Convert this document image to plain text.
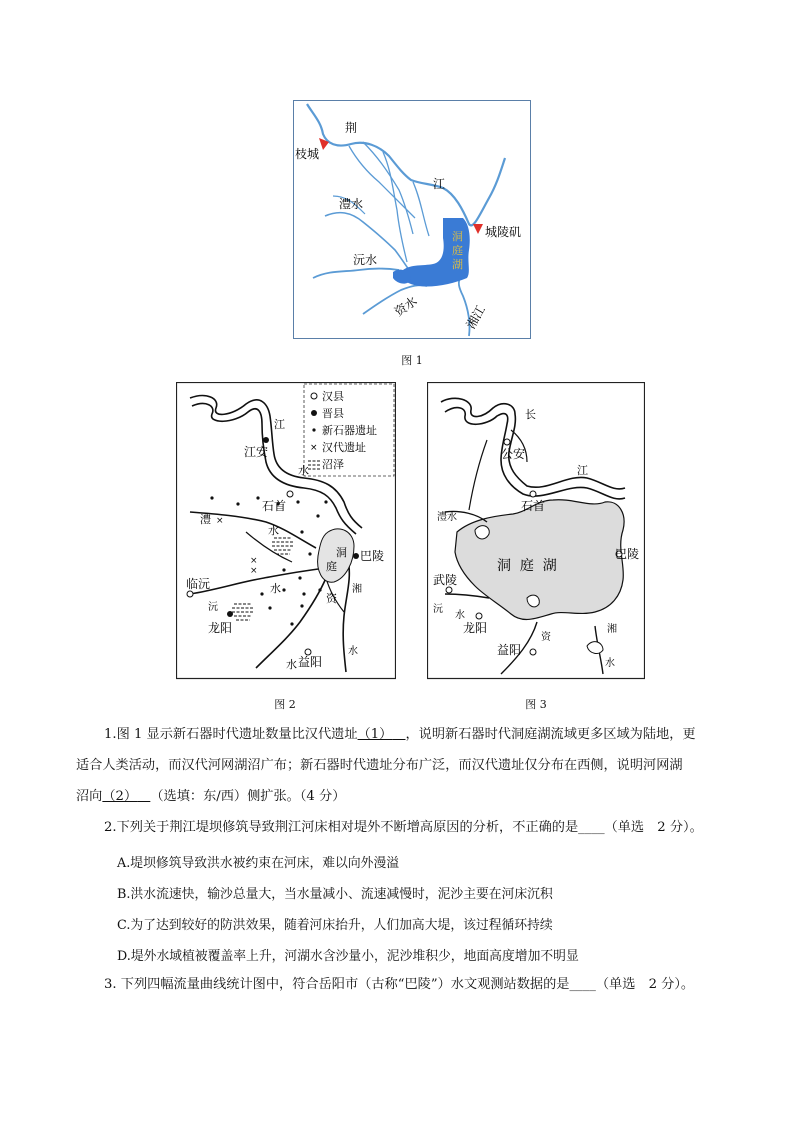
荆
枝城
江
澧水
城陵矶
洞
庭
湖
沅水
资水	湘江
图 1
×
汉县
晋县
新石器遗址
汉代遗址
沼泽
×
×
×
江
江安
水
石首
澧
水
洞
庭
巴陵
临沅
沅
水
资
湘
龙阳
水 益阳
水
图 2
长
公安
江
石首
澧水
洞  庭  湖
巴陵
武陵
沅
水
龙阳
资
湘
益阳
水
图 3
1.图 1 显示新石器时代遗址数量比汉代遗址（1）  ，说明新石器时代洞庭湖流域更多区域为陆地，更
适合人类活动，而汉代河网湖沼广布；新石器时代遗址分布广泛，而汉代遗址仅分布在西侧，说明河网湖
沼向（2）  （选填：东/西）侧扩张。（4 分）
2.下列关于荆江堤坝修筑导致荆江河床相对堤外不断增高原因的分析，不正确的是____（单选　2 分）。
A.堤坝修筑导致洪水被约束在河床，难以向外漫溢
B.洪水流速快，输沙总量大，当水量减小、流速减慢时，泥沙主要在河床沉积
C.为了达到较好的防洪效果，随着河床抬升，人们加高大堤，该过程循环持续
D.堤外水域植被覆盖率上升，河湖水含沙量小，泥沙堆积少，地面高度增加不明显
3. 下列四幅流量曲线统计图中，符合岳阳市（古称“巴陵”）水文观测站数据的是____（单选　2 分）。
